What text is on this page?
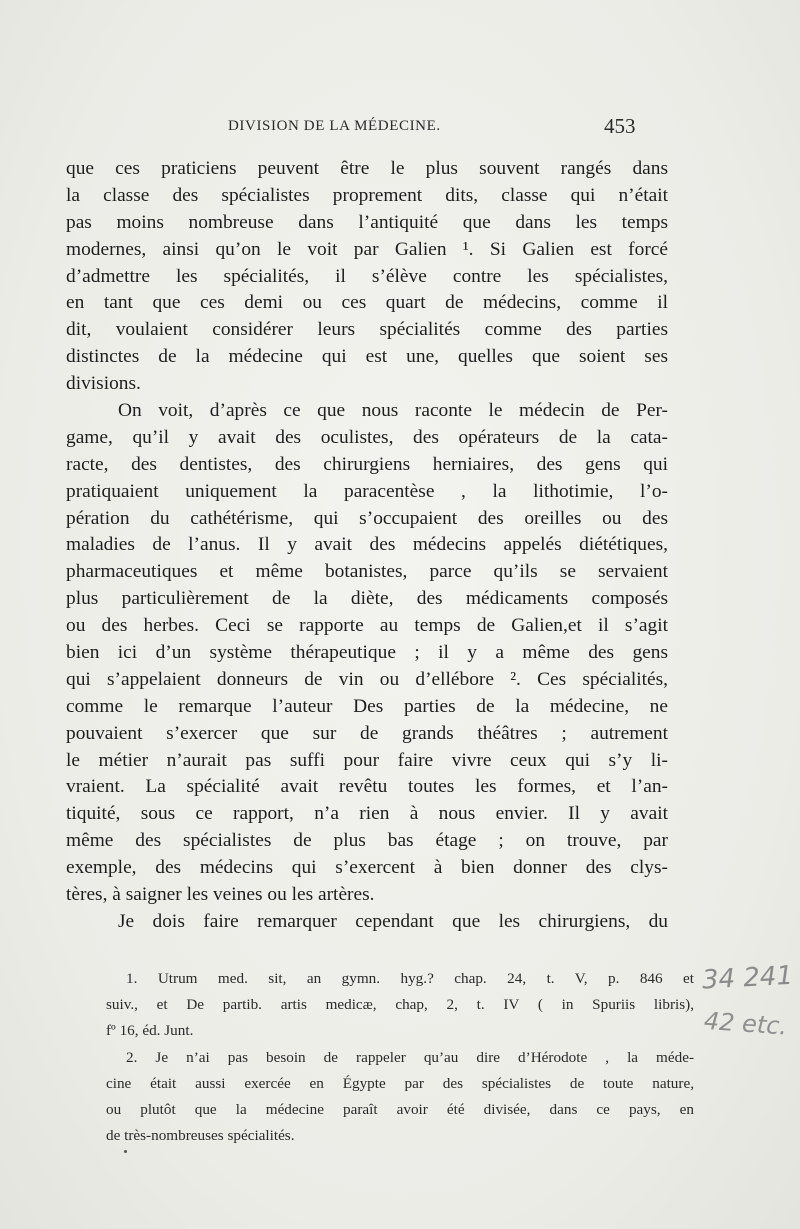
DIVISION DE LA MÉDECINE.	453
que ces praticiens peuvent être le plus souvent rangés dans
la classe des spécialistes proprement dits, classe qui n’était
pas moins nombreuse dans l’antiquité que dans les temps
modernes, ainsi qu’on le voit par Galien ¹. Si Galien est forcé
d’admettre les spécialités, il s’élève contre les spécialistes,
en tant que ces demi ou ces quart de médecins, comme il
dit, voulaient considérer leurs spécialités comme des parties
distinctes de la médecine qui est une, quelles que soient ses
divisions.
On voit, d’après ce que nous raconte le médecin de Per-
game, qu’il y avait des oculistes, des opérateurs de la cata-
racte, des dentistes, des chirurgiens herniaires, des gens qui
pratiquaient uniquement la paracentèse , la lithotimie, l’o-
pération du cathétérisme, qui s’occupaient des oreilles ou des
maladies de l’anus. Il y avait des médecins appelés diététiques,
pharmaceutiques et même botanistes, parce qu’ils se servaient
plus particulièrement de la diète, des médicaments composés
ou des herbes. Ceci se rapporte au temps de Galien,et il s’agit
bien ici d’un système thérapeutique ; il y a même des gens
qui s’appelaient donneurs de vin ou d’ellébore ². Ces spécialités,
comme le remarque l’auteur Des parties de la médecine, ne
pouvaient s’exercer que sur de grands théâtres ; autrement
le métier n’aurait pas suffi pour faire vivre ceux qui s’y li-
vraient. La spécialité avait revêtu toutes les formes, et l’an-
tiquité, sous ce rapport, n’a rien à nous envier. Il y avait
même des spécialistes de plus bas étage ; on trouve, par
exemple, des médecins qui s’exercent à bien donner des clys-
tères, à saigner les veines ou les artères.
Je dois faire remarquer cependant que les chirurgiens, du
1. Utrum med. sit, an gymn. hyg.? chap. 24, t. V, p. 846 et
suiv., et De partib. artis medicæ, chap, 2, t. IV ( in Spuriis libris),
fº 16, éd. Junt.
2. Je n’ai pas besoin de rappeler qu’au dire d’Hérodote , la méde-
cine était aussi exercée en Égypte par des spécialistes de toute nature,
ou plutôt que la médecine paraît avoir été divisée, dans ce pays, en
de très-nombreuses spécialités.
34 241
42 etc.
